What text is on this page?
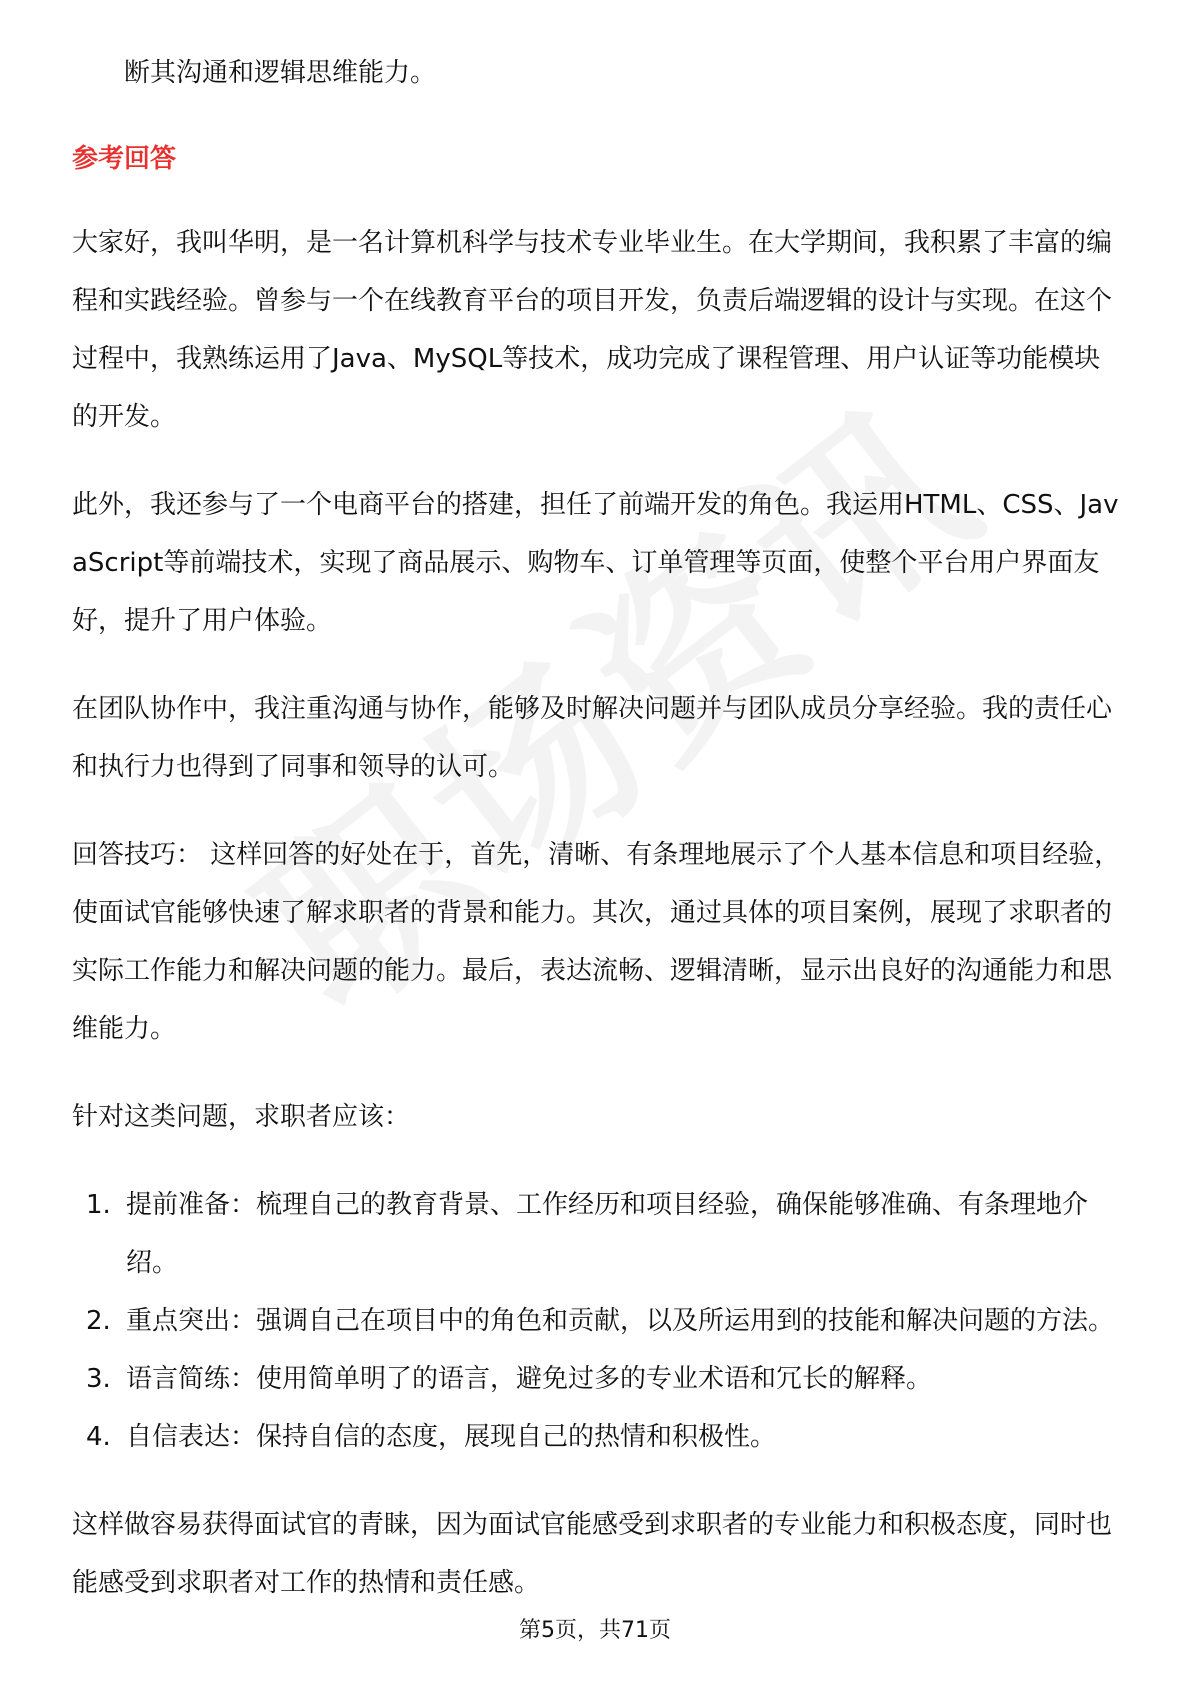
断其沟通和逻辑思维能力。

参考回答

大家好，我叫华明，是一名计算机科学与技术专业毕业生。在大学期间，我积累了丰富的编程和实践经验。曾参与一个在线教育平台的项目开发，负责后端逻辑的设计与实现。在这个过程中，我熟练运用了Java、MySQL等技术，成功完成了课程管理、用户认证等功能模块的开发。

此外，我还参与了一个电商平台的搭建，担任了前端开发的角色。我运用HTML、CSS、JavaScript等前端技术，实现了商品展示、购物车、订单管理等页面，使整个平台用户界面友好，提升了用户体验。

在团队协作中，我注重沟通与协作，能够及时解决问题并与团队成员分享经验。我的责任心和执行力也得到了同事和领导的认可。

回答技巧： 这样回答的好处在于，首先，清晰、有条理地展示了个人基本信息和项目经验，使面试官能够快速了解求职者的背景和能力。其次，通过具体的项目案例，展现了求职者的实际工作能力和解决问题的能力。最后，表达流畅、逻辑清晰，显示出良好的沟通能力和思维能力。

针对这类问题，求职者应该：

1. 提前准备：梳理自己的教育背景、工作经历和项目经验，确保能够准确、有条理地介绍。
2. 重点突出：强调自己在项目中的角色和贡献，以及所运用到的技能和解决问题的方法。
3. 语言简练：使用简单明了的语言，避免过多的专业术语和冗长的解释。
4. 自信表达：保持自信的态度，展现自己的热情和积极性。

这样做容易获得面试官的青睐，因为面试官能感受到求职者的专业能力和积极态度，同时也能感受到求职者对工作的热情和责任感。

第5页，共71页
